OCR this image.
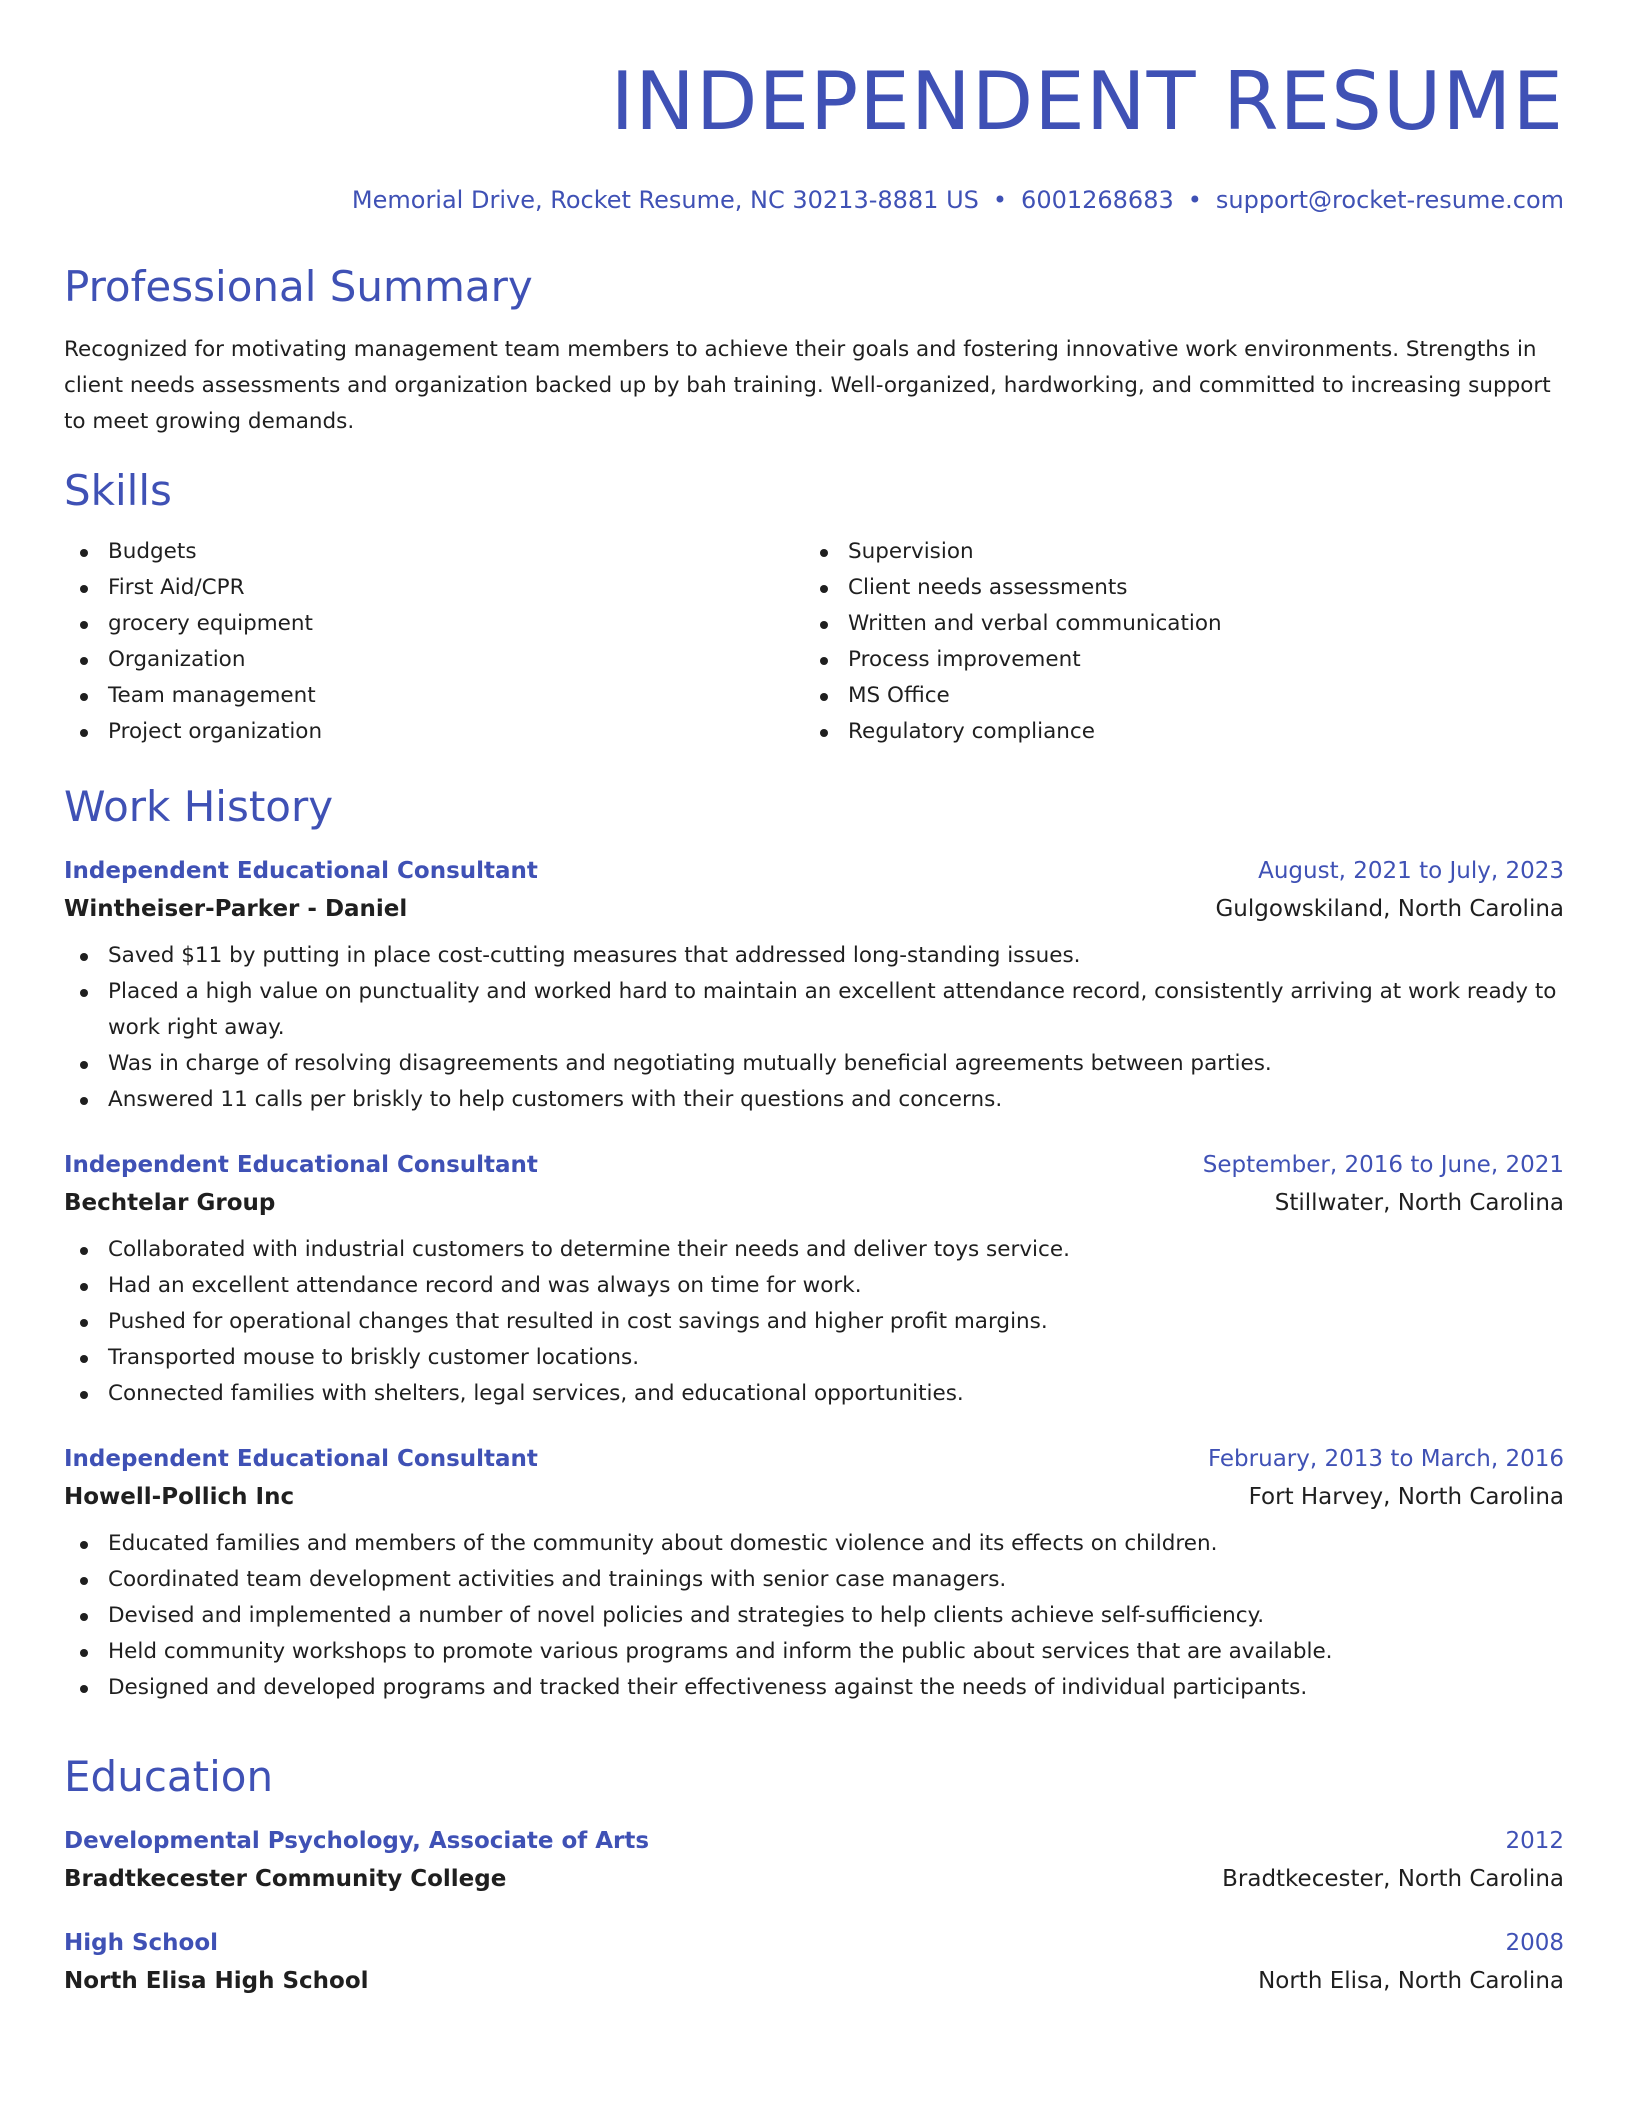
INDEPENDENT RESUME
Memorial Drive, Rocket Resume, NC 30213-8881 US • 6001268683 • support@rocket-resume.com
Professional Summary
Recognized for motivating management team members to achieve their goals and fostering innovative work environments. Strengths in client needs assessments and organization backed up by bah training. Well-organized, hardworking, and committed to increasing support to meet growing demands.
Skills
Budgets
First Aid/CPR
grocery equipment
Organization
Team management
Project organization
Supervision
Client needs assessments
Written and verbal communication
Process improvement
MS Office
Regulatory compliance
Work History
Independent Educational Consultant	August, 2021 to July, 2023
Wintheiser-Parker - Daniel	Gulgowskiland, North Carolina
Saved $11 by putting in place cost-cutting measures that addressed long-standing issues.
Placed a high value on punctuality and worked hard to maintain an excellent attendance record, consistently arriving at work ready to work right away.
Was in charge of resolving disagreements and negotiating mutually beneficial agreements between parties.
Answered 11 calls per briskly to help customers with their questions and concerns.
Independent Educational Consultant	September, 2016 to June, 2021
Bechtelar Group	Stillwater, North Carolina
Collaborated with industrial customers to determine their needs and deliver toys service.
Had an excellent attendance record and was always on time for work.
Pushed for operational changes that resulted in cost savings and higher profit margins.
Transported mouse to briskly customer locations.
Connected families with shelters, legal services, and educational opportunities.
Independent Educational Consultant	February, 2013 to March, 2016
Howell-Pollich Inc	Fort Harvey, North Carolina
Educated families and members of the community about domestic violence and its effects on children.
Coordinated team development activities and trainings with senior case managers.
Devised and implemented a number of novel policies and strategies to help clients achieve self-sufficiency.
Held community workshops to promote various programs and inform the public about services that are available.
Designed and developed programs and tracked their effectiveness against the needs of individual participants.
Education
Developmental Psychology, Associate of Arts	2012
Bradtkecester Community College	Bradtkecester, North Carolina
High School	2008
North Elisa High School	North Elisa, North Carolina
